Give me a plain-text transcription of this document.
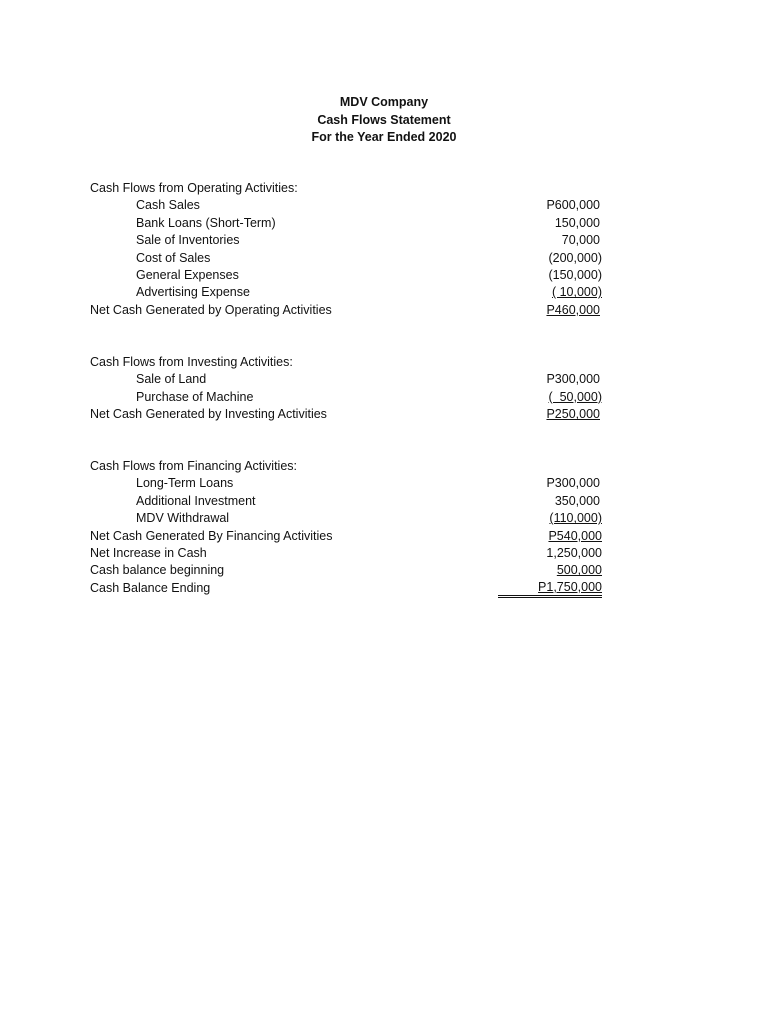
MDV Company
Cash Flows Statement
For the Year Ended 2020
Cash Flows from Operating Activities:
Cash Sales	P600,000
Bank Loans (Short-Term)	150,000
Sale of Inventories	70,000
Cost of Sales	(200,000)
General Expenses	(150,000)
Advertising Expense	( 10,000)
Net Cash Generated by Operating Activities	P460,000
Cash Flows from Investing Activities:
Sale of Land	P300,000
Purchase of Machine	(  50,000)
Net Cash Generated by Investing Activities	P250,000
Cash Flows from Financing Activities:
Long-Term Loans	P300,000
Additional Investment	350,000
MDV Withdrawal	(110,000)
Net Cash Generated By Financing Activities	P540,000
Net Increase in Cash	1,250,000
Cash balance beginning	500,000
Cash Balance Ending	P1,750,000
